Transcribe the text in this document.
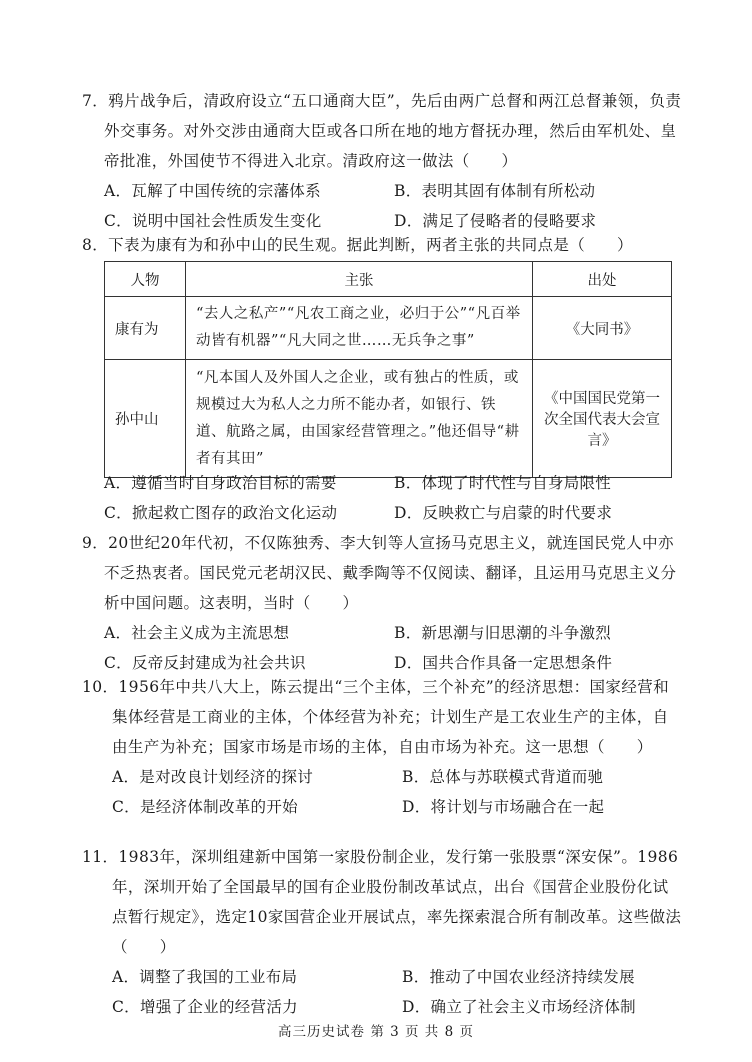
7．鸦片战争后，清政府设立“五口通商大臣”，先后由两广总督和两江总督兼领，负责外交事务。对外交涉由通商大臣或各口所在地的地方督抚办理，然后由军机处、皇帝批准，外国使节不得进入北京。清政府这一做法（　　）
A．瓦解了中国传统的宗藩体系	B．表明其固有体制有所松动
C．说明中国社会性质发生变化	D．满足了侵略者的侵略要求
8．下表为康有为和孙中山的民生观。据此判断，两者主张的共同点是（　　）
人物	主张	出处
康有为	“去人之私产”“凡农工商之业，必归于公”“凡百举动皆有机器”“凡大同之世……无兵争之事”	《大同书》
孙中山	“凡本国人及外国人之企业，或有独占的性质，或规模过大为私人之力所不能办者，如银行、铁道、航路之属，由国家经营管理之。”他还倡导“耕者有其田”	《中国国民党第一次全国代表大会宣言》
A．遵循当时自身政治目标的需要	B．体现了时代性与自身局限性
C．掀起救亡图存的政治文化运动	D．反映救亡与启蒙的时代要求
9．20世纪20年代初，不仅陈独秀、李大钊等人宣扬马克思主义，就连国民党人中亦不乏热衷者。国民党元老胡汉民、戴季陶等不仅阅读、翻译，且运用马克思主义分析中国问题。这表明，当时（　　）
A．社会主义成为主流思想	B．新思潮与旧思潮的斗争激烈
C．反帝反封建成为社会共识	D．国共合作具备一定思想条件
10．1956年中共八大上，陈云提出“三个主体，三个补充”的经济思想：国家经营和集体经营是工商业的主体，个体经营为补充；计划生产是工农业生产的主体，自由生产为补充；国家市场是市场的主体，自由市场为补充。这一思想（　　）
A．是对改良计划经济的探讨	B．总体与苏联模式背道而驰
C．是经济体制改革的开始	D．将计划与市场融合在一起
11．1983年，深圳组建新中国第一家股份制企业，发行第一张股票“深安保”。1986年，深圳开始了全国最早的国有企业股份制改革试点，出台《国营企业股份化试点暂行规定》，选定10家国营企业开展试点，率先探索混合所有制改革。这些做法（　　）
A．调整了我国的工业布局	B．推动了中国农业经济持续发展
C．增强了企业的经营活力	D．确立了社会主义市场经济体制
高三历史试卷 第 3 页 共 8 页
